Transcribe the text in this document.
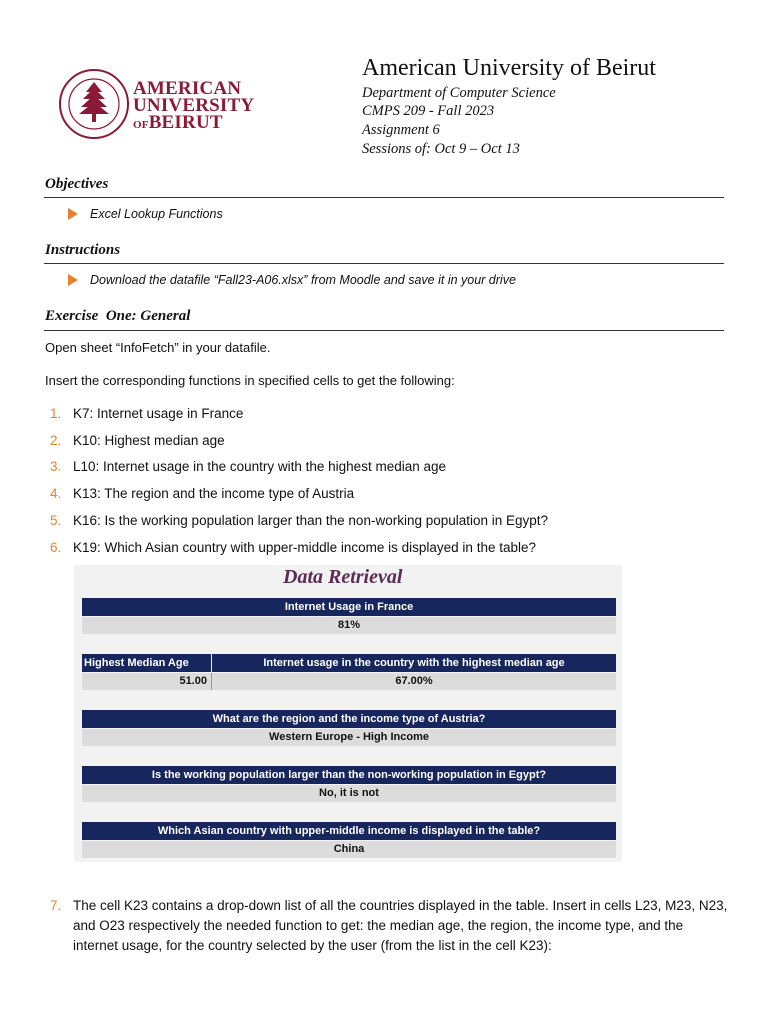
AMERICAN
UNIVERSITY
OFBEIRUT
American University of Beirut
Department of Computer Science
CMPS 209 - Fall 2023
Assignment 6
Sessions of: Oct 9 – Oct 13
Objectives
Excel Lookup Functions
Instructions
Download the datafile “Fall23-A06.xlsx” from Moodle and save it in your drive
Exercise  One: General
Open sheet “InfoFetch” in your datafile.
Insert the corresponding functions in specified cells to get the following:
1. K7: Internet usage in France
2. K10: Highest median age
3. L10: Internet usage in the country with the highest median age
4. K13: The region and the income type of Austria
5. K16: Is the working population larger than the non-working population in Egypt?
6. K19: Which Asian country with upper-middle income is displayed in the table?
Data Retrieval
Internet Usage in France
81%
Highest Median Age	Internet usage in the country with the highest median age
51.00	67.00%
What are the region and the income type of Austria?
Western Europe - High Income
Is the working population larger than the non-working population in Egypt?
No, it is not
Which Asian country with upper-middle income is displayed in the table?
China
7. The cell K23 contains a drop-down list of all the countries displayed in the table. Insert in cells L23, M23, N23, and O23 respectively the needed function to get: the median age, the region, the income type, and the internet usage, for the country selected by the user (from the list in the cell K23):
